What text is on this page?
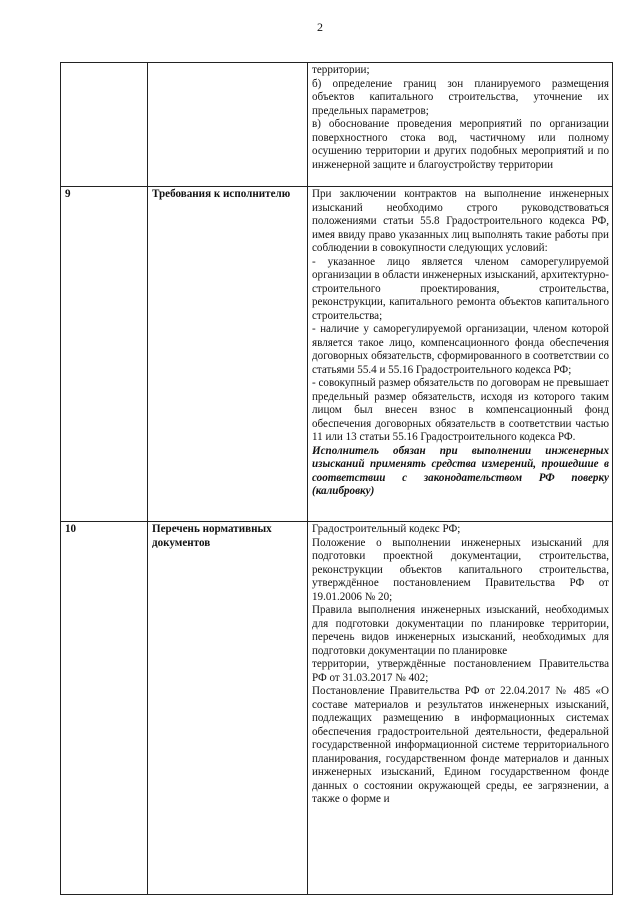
2

		территории;

б) определение границ зон планируемого размещения объектов капитального строительства, уточнение их предельных параметров;

в) обоснование проведения мероприятий по организации поверхностного стока вод, частичному или полному осушению территории и других подобных мероприятий и по инженерной защите и благоустройству территории

9	Требования к исполнителю	При заключении контрактов на выполнение инженерных изысканий необходимо строго руководствоваться положениями статьи 55.8 Градостроительного кодекса РФ, имея ввиду право указанных лиц выполнять такие работы при соблюдении в совокупности следующих условий:

- указанное лицо является членом саморегулируемой организации в области инженерных изысканий, архитектурно-строительного проектирования, строительства, реконструкции, капитального ремонта объектов капитального строительства;

- наличие у саморегулируемой организации, членом которой является такое лицо, компенсационного фонда обеспечения договорных обязательств, сформированного в соответствии со статьями 55.4 и 55.16 Градостроительного кодекса РФ;

- совокупный размер обязательств по договорам не превышает предельный размер обязательств, исходя из которого таким лицом был внесен взнос в компенсационный фонд обеспечения договорных обязательств в соответствии частью 11 или 13 статьи 55.16 Градостроительного кодекса РФ.

Исполнитель обязан при выполнении инженерных изысканий применять средства измерений, прошедшие в соответствии с законодательством РФ поверку (калибровку)

10	Перечень нормативных документов	Градостроительный кодекс РФ;

Положение о выполнении инженерных изысканий для подготовки проектной документации, строительства, реконструкции объектов капитального строительства, утверждённое постановлением Правительства РФ от 19.01.2006 № 20;

Правила выполнения инженерных изысканий, необходимых для подготовки документации по планировке территории, перечень видов инженерных изысканий, необходимых для подготовки документации по планировке

территории, утверждённые постановлением Правительства РФ от 31.03.2017 № 402;

Постановление Правительства РФ от 22.04.2017 № 485 «О составе материалов и результатов инженерных изысканий, подлежащих размещению в информационных системах обеспечения градостроительной деятельности, федеральной государственной информационной системе территориального планирования, государственном фонде материалов и данных инженерных изысканий, Едином государственном фонде данных о состоянии окружающей среды, ее загрязнении, а также о форме и
